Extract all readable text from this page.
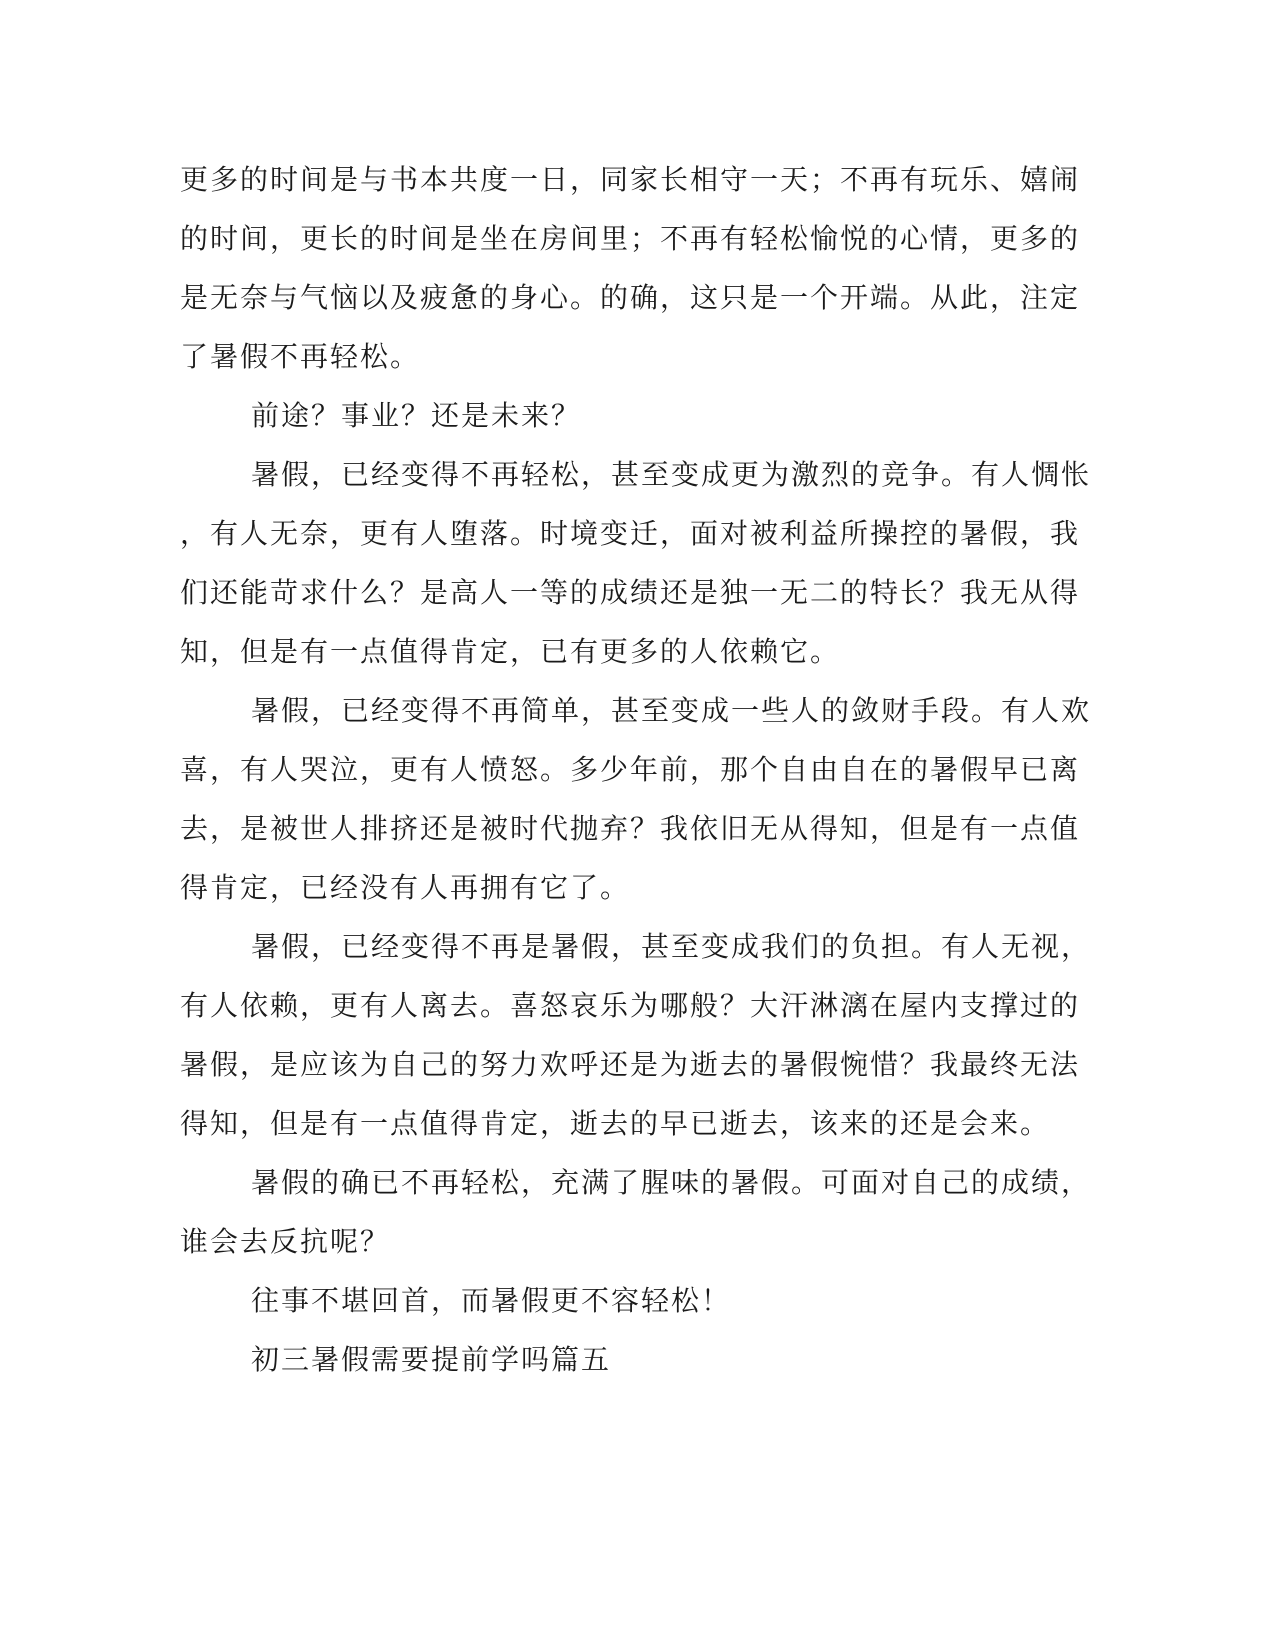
更多的时间是与书本共度一日，同家长相守一天；不再有玩乐、嬉闹
的时间，更长的时间是坐在房间里；不再有轻松愉悦的心情，更多的
是无奈与气恼以及疲惫的身心。的确，这只是一个开端。从此，注定
了暑假不再轻松。
前途？事业？还是未来？
暑假，已经变得不再轻松，甚至变成更为激烈的竞争。有人惆怅
，有人无奈，更有人堕落。时境变迁，面对被利益所操控的暑假，我
们还能苛求什么？是高人一等的成绩还是独一无二的特长？我无从得
知，但是有一点值得肯定，已有更多的人依赖它。
暑假，已经变得不再简单，甚至变成一些人的敛财手段。有人欢
喜，有人哭泣，更有人愤怒。多少年前，那个自由自在的暑假早已离
去，是被世人排挤还是被时代抛弃？我依旧无从得知，但是有一点值
得肯定，已经没有人再拥有它了。
暑假，已经变得不再是暑假，甚至变成我们的负担。有人无视，
有人依赖，更有人离去。喜怒哀乐为哪般？大汗淋漓在屋内支撑过的
暑假，是应该为自己的努力欢呼还是为逝去的暑假惋惜？我最终无法
得知，但是有一点值得肯定，逝去的早已逝去，该来的还是会来。
暑假的确已不再轻松，充满了腥味的暑假。可面对自己的成绩，
谁会去反抗呢？
往事不堪回首，而暑假更不容轻松！
初三暑假需要提前学吗篇五
